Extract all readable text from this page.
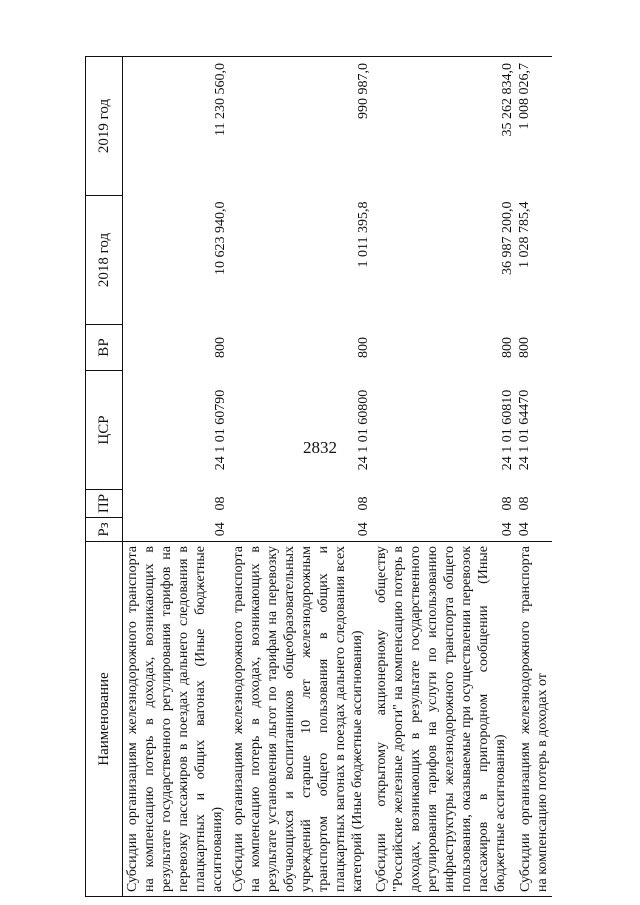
2832
Наименование	Рз	ПР	ЦСР	ВР	2018 год	2019 год
Субсидии организациям железнодорожного транспорта на компенсацию потерь в доходах, возникающих в результате государственного регулирования тарифов на перевозку пассажиров в поездах дальнего следования в плацкартных и общих вагонах (Иные бюджетные ассигнования)	04	08	24 1 01 60790	800	10 623 940,0	11 230 560,0
Субсидии организациям железнодорожного транспорта на компенсацию потерь в доходах, возникающих в результате установления льгот по тарифам на перевозку обучающихся и воспитанников общеобразовательных учреждений старше 10 лет железнодорожным транспортом общего пользования в общих и плацкартных вагонах в поездах дальнего следования всех категорий (Иные бюджетные ассигнования)	04	08	24 1 01 60800	800	1 011 395,8	990 987,0
Субсидии открытому акционерному обществу "Российские железные дороги" на компенсацию потерь в доходах, возникающих в результате государственного регулирования тарифов на услуги по использованию инфраструктуры железнодорожного транспорта общего пользования, оказываемые при осуществлении перевозок пассажиров в пригородном сообщении (Иные бюджетные ассигнования)	04	08	24 1 01 60810	800	36 987 200,0	35 262 834,0
Субсидии организациям железнодорожного транспорта на компенсацию потерь в доходах от	04	08	24 1 01 64470	800	1 028 785,4	1 008 026,7
